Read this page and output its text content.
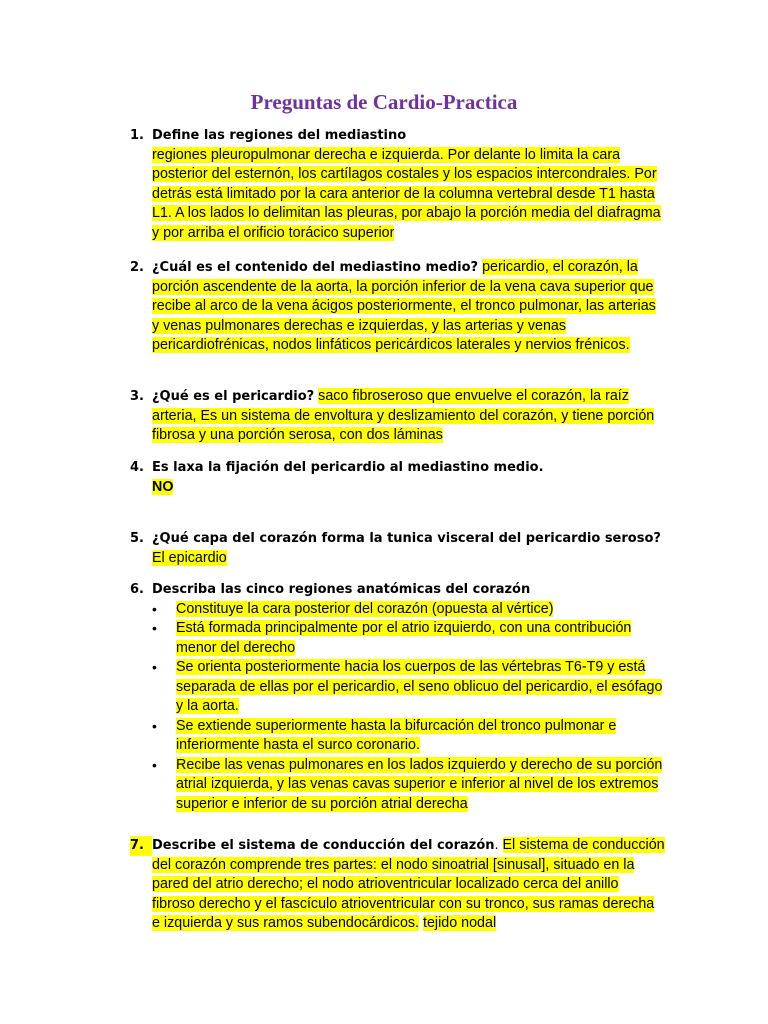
Preguntas de Cardio-Practica
1. Define las regiones del mediastino
regiones pleuropulmonar derecha e izquierda. Por delante lo limita la cara posterior del esternón, los cartílagos costales y los espacios intercondrales. Por detrás está limitado por la cara anterior de la columna vertebral desde T1 hasta L1. A los lados lo delimitan las pleuras, por abajo la porción media del diafragma y por arriba el orificio torácico superior
2. ¿Cuál es el contenido del mediastino medio? pericardio, el corazón, la porción ascendente de la aorta, la porción inferior de la vena cava superior que recibe al arco de la vena ácigos posteriormente, el tronco pulmonar, las arterias y venas pulmonares derechas e izquierdas, y las arterias y venas pericardiofrénicas, nodos linfáticos pericárdicos laterales y nervios frénicos.
3. ¿Qué es el pericardio? saco fibroseroso que envuelve el corazón, la raíz arteria, Es un sistema de envoltura y deslizamiento del corazón, y tiene porción fibrosa y una porción serosa, con dos láminas
4. Es laxa la fijación del pericardio al mediastino medio.
NO
5. ¿Qué capa del corazón forma la tunica visceral del pericardio seroso?
El epicardio
6. Describa las cinco regiones anatómicas del corazón
•	Constituye la cara posterior del corazón (opuesta al vértice)
•	Está formada principalmente por el atrio izquierdo, con una contribución menor del derecho
•	Se orienta posteriormente hacia los cuerpos de las vértebras T6-T9 y está separada de ellas por el pericardio, el seno oblicuo del pericardio, el esófago y la aorta.
•	Se extiende superiormente hasta la bifurcación del tronco pulmonar e inferiormente hasta el surco coronario.
•	Recibe las venas pulmonares en los lados izquierdo y derecho de su porción atrial izquierda, y las venas cavas superior e inferior al nivel de los extremos superior e inferior de su porción atrial derecha
7. Describe el sistema de conducción del corazón. El sistema de conducción del corazón comprende tres partes: el nodo sinoatrial [sinusal], situado en la pared del atrio derecho; el nodo atrioventricular localizado cerca del anillo fibroso derecho y el fascículo atrioventricular con su tronco, sus ramas derecha e izquierda y sus ramos subendocárdicos. tejido nodal
